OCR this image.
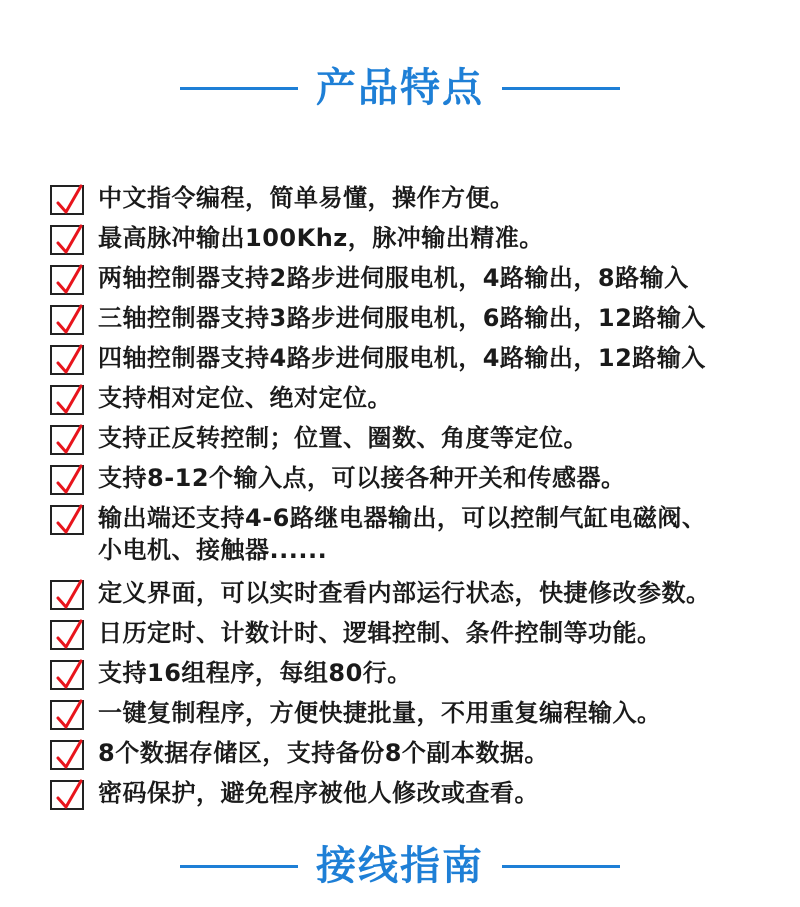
产品特点
中文指令编程，简单易懂，操作方便。
最高脉冲输出100Khz，脉冲输出精准。
两轴控制器支持2路步进伺服电机，4路输出，8路输入
三轴控制器支持3路步进伺服电机，6路输出，12路输入
四轴控制器支持4路步进伺服电机，4路输出，12路输入
支持相对定位、绝对定位。
支持正反转控制；位置、圈数、角度等定位。
支持8-12个输入点，可以接各种开关和传感器。
输出端还支持4-6路继电器输出，可以控制气缸电磁阀、
小电机、接触器......
定义界面，可以实时查看内部运行状态，快捷修改参数。
日历定时、计数计时、逻辑控制、条件控制等功能。
支持16组程序，每组80行。
一键复制程序，方便快捷批量，不用重复编程输入。
8个数据存储区，支持备份8个副本数据。
密码保护，避免程序被他人修改或查看。
接线指南
